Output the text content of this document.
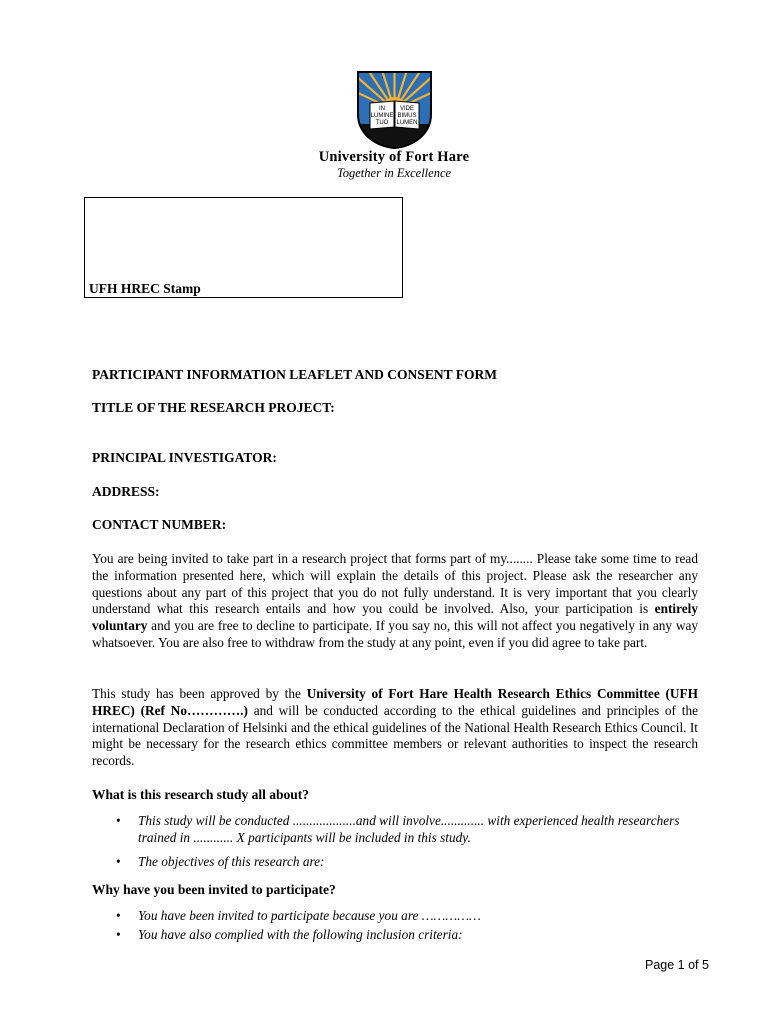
IN
LUMINE
TUO
VIDE
BIMUS
LUMEN
University of Fort Hare
Together in Excellence
UFH HREC Stamp
PARTICIPANT INFORMATION LEAFLET AND CONSENT FORM
TITLE OF THE RESEARCH PROJECT:
PRINCIPAL INVESTIGATOR:
ADDRESS:
CONTACT NUMBER:
You are being invited to take part in a research project that forms part of my........ Please take some time to read the information presented here, which will explain the details of this project. Please ask the researcher any questions about any part of this project that you do not fully understand. It is very important that you clearly understand what this research entails and how you could be involved. Also, your participation is entirely voluntary and you are free to decline to participate. If you say no, this will not affect you negatively in any way whatsoever. You are also free to withdraw from the study at any point, even if you did agree to take part.
This study has been approved by the University of Fort Hare Health Research Ethics Committee (UFH HREC) (Ref No………….) and will be conducted according to the ethical guidelines and principles of the international Declaration of Helsinki and the ethical guidelines of the National Health Research Ethics Council. It might be necessary for the research ethics committee members or relevant authorities to inspect the research records.
What is this research study all about?
• This study will be conducted ...................and will involve............. with experienced health researchers trained in ............ X participants will be included in this study.
• The objectives of this research are:
Why have you been invited to participate?
• You have been invited to participate because you are ……………
• You have also complied with the following inclusion criteria:
Page 1 of 5
